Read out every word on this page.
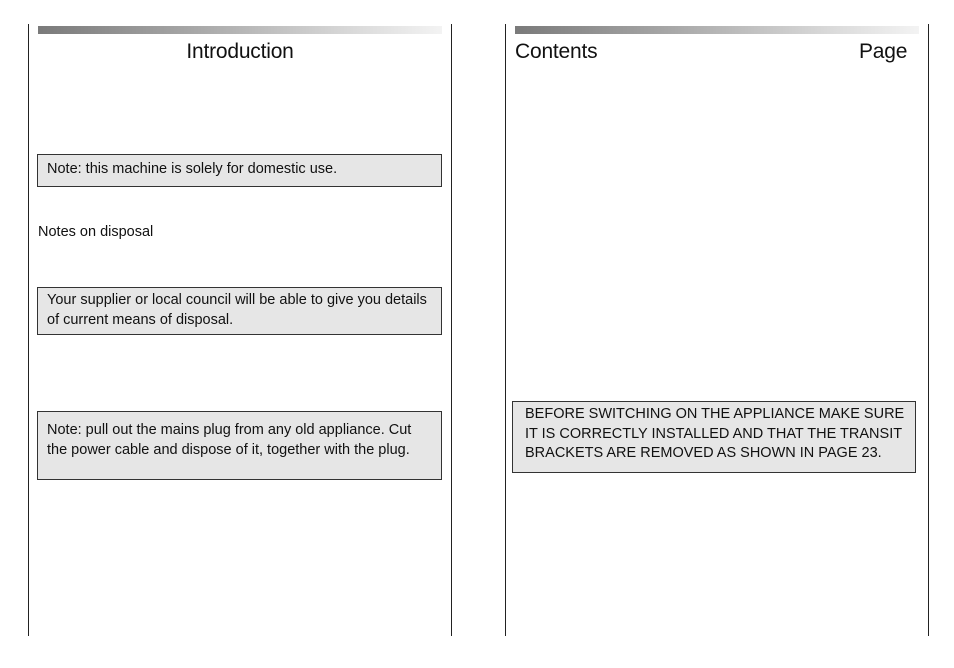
Introduction
Note: this machine is solely for domestic use.
Notes on disposal
Your supplier or local council will be able to give you details of current means of disposal.
Note: pull out the mains plug from any old appliance. Cut the power cable and dispose of it, together with the plug.
Contents	Page
BEFORE SWITCHING ON THE APPLIANCE MAKE SURE IT IS CORRECTLY INSTALLED AND THAT THE TRANSIT BRACKETS ARE REMOVED AS SHOWN IN PAGE 23.
